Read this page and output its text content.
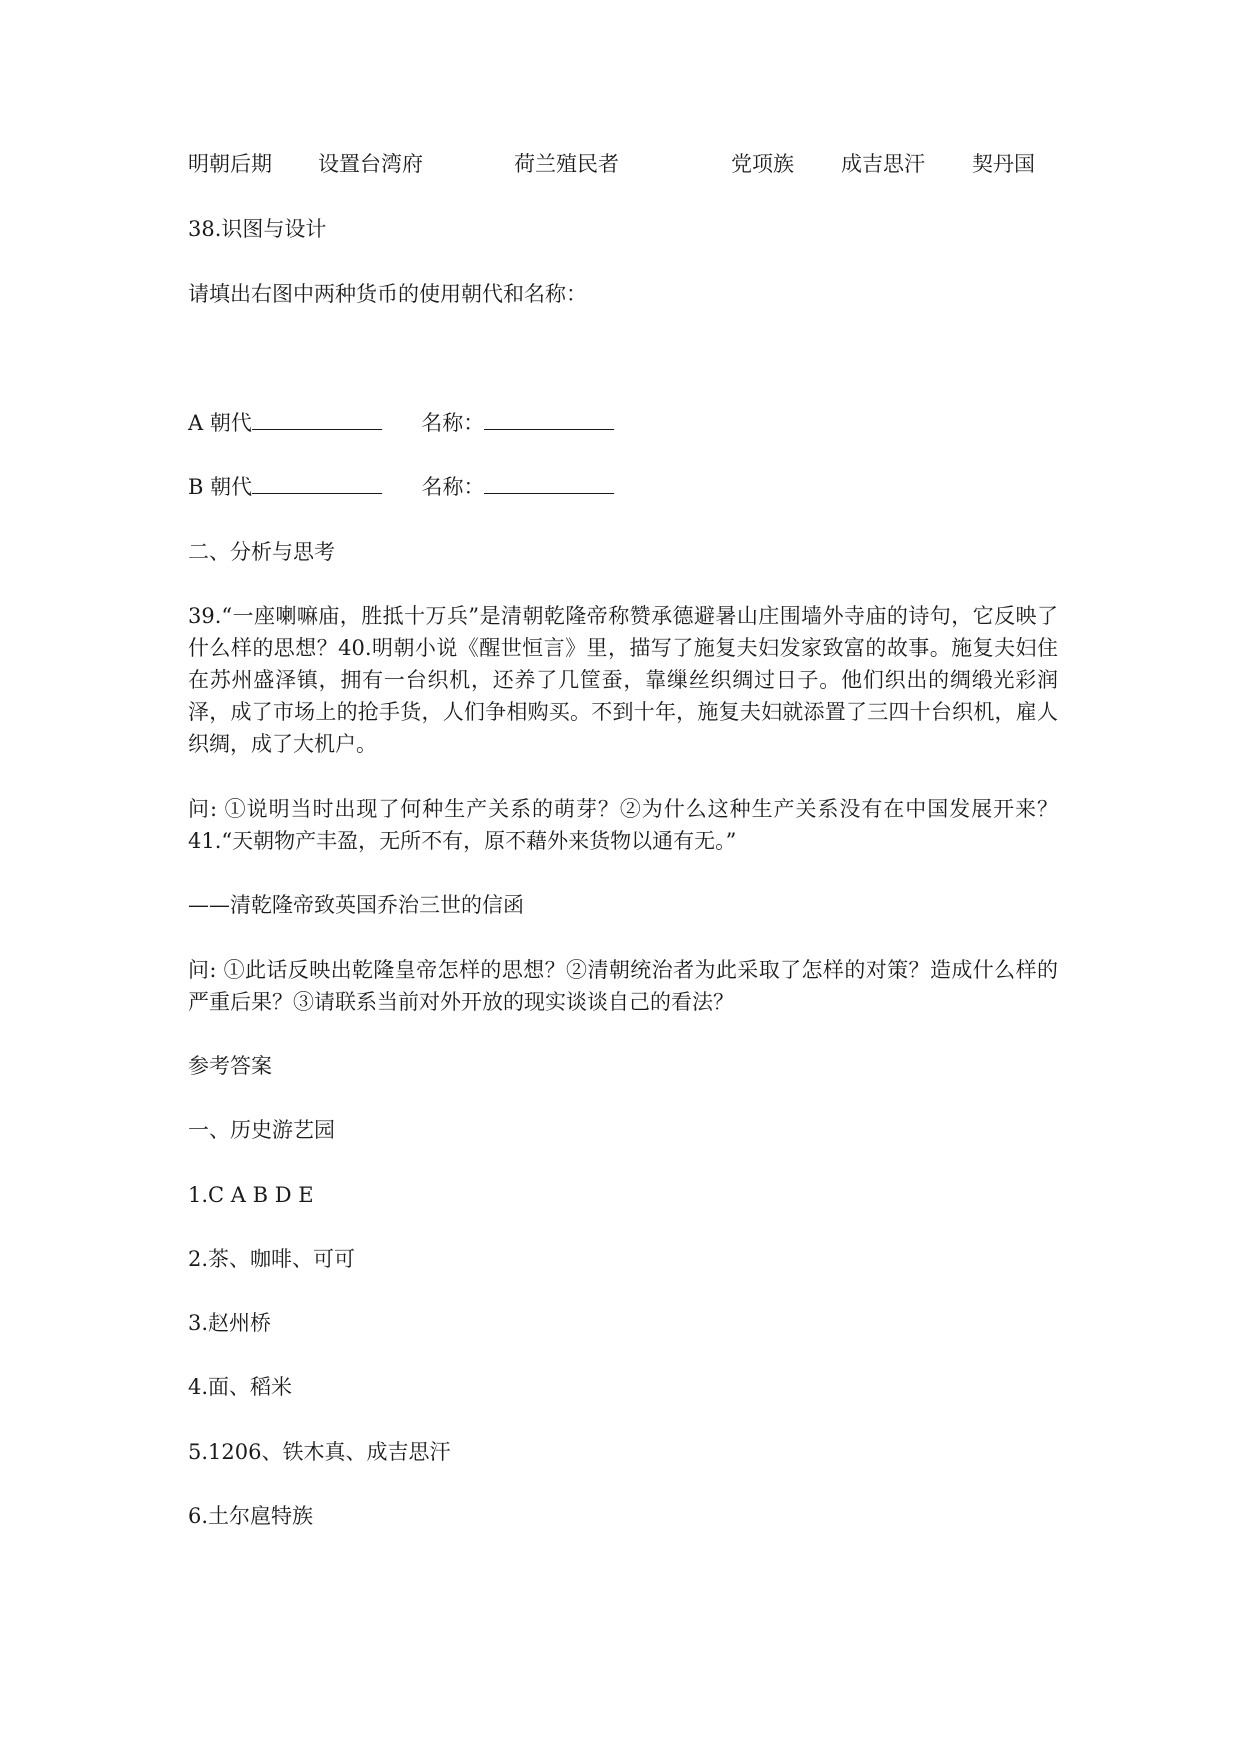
明朝后期 设置台湾府	荷兰殖民者	党项族 成吉思汗 契丹国
38.识图与设计
请填出右图中两种货币的使用朝代和名称：
A 朝代	名称：
B 朝代	名称：
二、分析与思考
39.“一座喇嘛庙，胜抵十万兵”是清朝乾隆帝称赞承德避暑山庄围墙外寺庙的诗句，它反映了什么样的思想？40.明朝小说《醒世恒言》里，描写了施复夫妇发家致富的故事。施复夫妇住在苏州盛泽镇，拥有一台织机，还养了几筐蚕，靠缫丝织绸过日子。他们织出的绸缎光彩润泽，成了市场上的抢手货，人们争相购买。不到十年，施复夫妇就添置了三四十台织机，雇人织绸，成了大机户。
问: ①说明当时出现了何种生产关系的萌芽？②为什么这种生产关系没有在中国发展开来？41.“天朝物产丰盈，无所不有，原不藉外来货物以通有无。”
——清乾隆帝致英国乔治三世的信函
问: ①此话反映出乾隆皇帝怎样的思想？②清朝统治者为此采取了怎样的对策？造成什么样的严重后果？③请联系当前对外开放的现实谈谈自己的看法？
参考答案
一、历史游艺园
1.C A B D E
2.茶、咖啡、可可
3.赵州桥
4.面、稻米
5.1206、铁木真、成吉思汗
6.土尔扈特族
